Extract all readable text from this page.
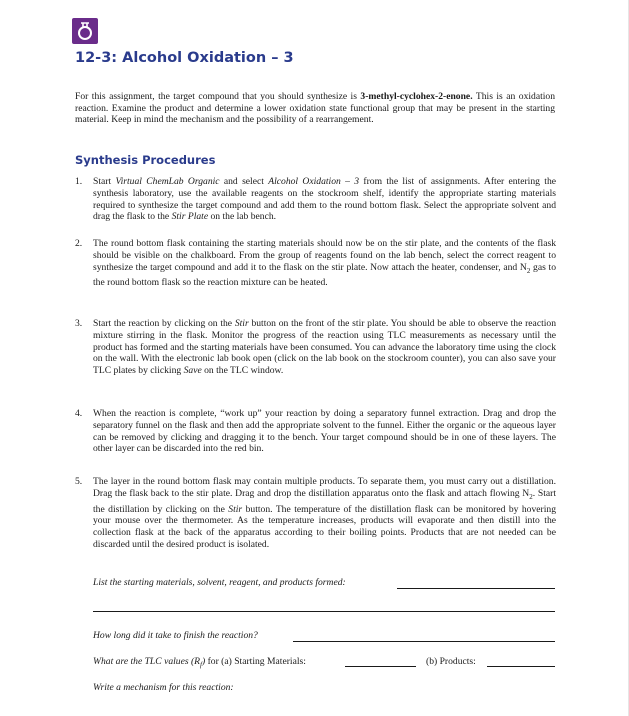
12-3: Alcohol Oxidation – 3
For this assignment, the target compound that you should synthesize is 3-methyl-cyclohex-2-enone. This is an oxidation reaction. Examine the product and determine a lower oxidation state functional group that may be present in the starting material. Keep in mind the mechanism and the possibility of a rearrangement.
Synthesis Procedures
1.	Start Virtual ChemLab Organic and select Alcohol Oxidation – 3 from the list of assignments. After entering the synthesis laboratory, use the available reagents on the stockroom shelf, identify the appropriate starting materials required to synthesize the target compound and add them to the round bottom flask. Select the appropriate solvent and drag the flask to the Stir Plate on the lab bench.
2.	The round bottom flask containing the starting materials should now be on the stir plate, and the contents of the flask should be visible on the chalkboard. From the group of reagents found on the lab bench, select the correct reagent to synthesize the target compound and add it to the flask on the stir plate. Now attach the heater, condenser, and $N_2$ gas to the round bottom flask so the reaction mixture can be heated.
3.	Start the reaction by clicking on the Stir button on the front of the stir plate. You should be able to observe the reaction mixture stirring in the flask. Monitor the progress of the reaction using TLC measurements as necessary until the product has formed and the starting materials have been consumed. You can advance the laboratory time using the clock on the wall. With the electronic lab book open (click on the lab book on the stockroom counter), you can also save your TLC plates by clicking Save on the TLC window.
4.	When the reaction is complete, “work up” your reaction by doing a separatory funnel extraction. Drag and drop the separatory funnel on the flask and then add the appropriate solvent to the funnel. Either the organic or the aqueous layer can be removed by clicking and dragging it to the bench. Your target compound should be in one of these layers. The other layer can be discarded into the red bin.
5.	The layer in the round bottom flask may contain multiple products. To separate them, you must carry out a distillation. Drag the flask back to the stir plate. Drag and drop the distillation apparatus onto the flask and attach flowing $N_2$. Start the distillation by clicking on the Stir button. The temperature of the distillation flask can be monitored by hovering your mouse over the thermometer. As the temperature increases, products will evaporate and then distill into the collection flask at the back of the apparatus according to their boiling points. Products that are not needed can be discarded until the desired product is isolated.
List the starting materials, solvent, reagent, and products formed:
How long did it take to finish the reaction?
What are the TLC values $(R_f)$ for (a) Starting Materials:	(b) Products:
Write a mechanism for this reaction:
